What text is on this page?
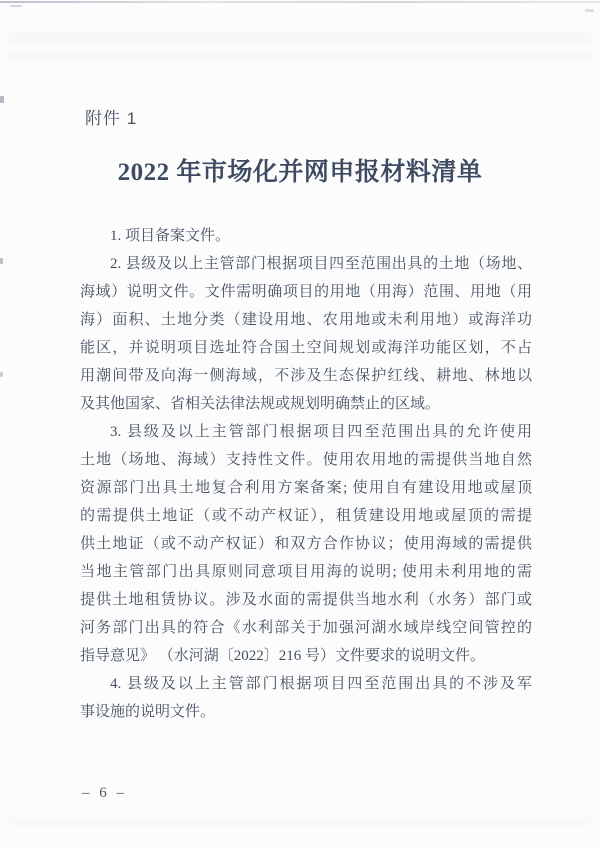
附件 1
2022 年市场化并网申报材料清单
1. 项目备案文件。
2. 县级及以上主管部门根据项目四至范围出具的土地（场地、
海域）说明文件。文件需明确项目的用地（用海）范围、用地（用
海）面积、土地分类（建设用地、农用地或未利用地）或海洋功
能区，并说明项目选址符合国土空间规划或海洋功能区划，不占
用潮间带及向海一侧海域，不涉及生态保护红线、耕地、林地以
及其他国家、省相关法律法规或规划明确禁止的区域。
3. 县级及以上主管部门根据项目四至范围出具的允许使用
土地（场地、海域）支持性文件。使用农用地的需提供当地自然
资源部门出具土地复合利用方案备案; 使用自有建设用地或屋顶
的需提供土地证（或不动产权证），租赁建设用地或屋顶的需提
供土地证（或不动产权证）和双方合作协议；使用海域的需提供
当地主管部门出具原则同意项目用海的说明; 使用未利用地的需
提供土地租赁协议。涉及水面的需提供当地水利（水务）部门或
河务部门出具的符合《水利部关于加强河湖水域岸线空间管控的
指导意见》 （水河湖〔2022〕216 号）文件要求的说明文件。
4. 县级及以上主管部门根据项目四至范围出具的不涉及军
事设施的说明文件。
– 6 –
